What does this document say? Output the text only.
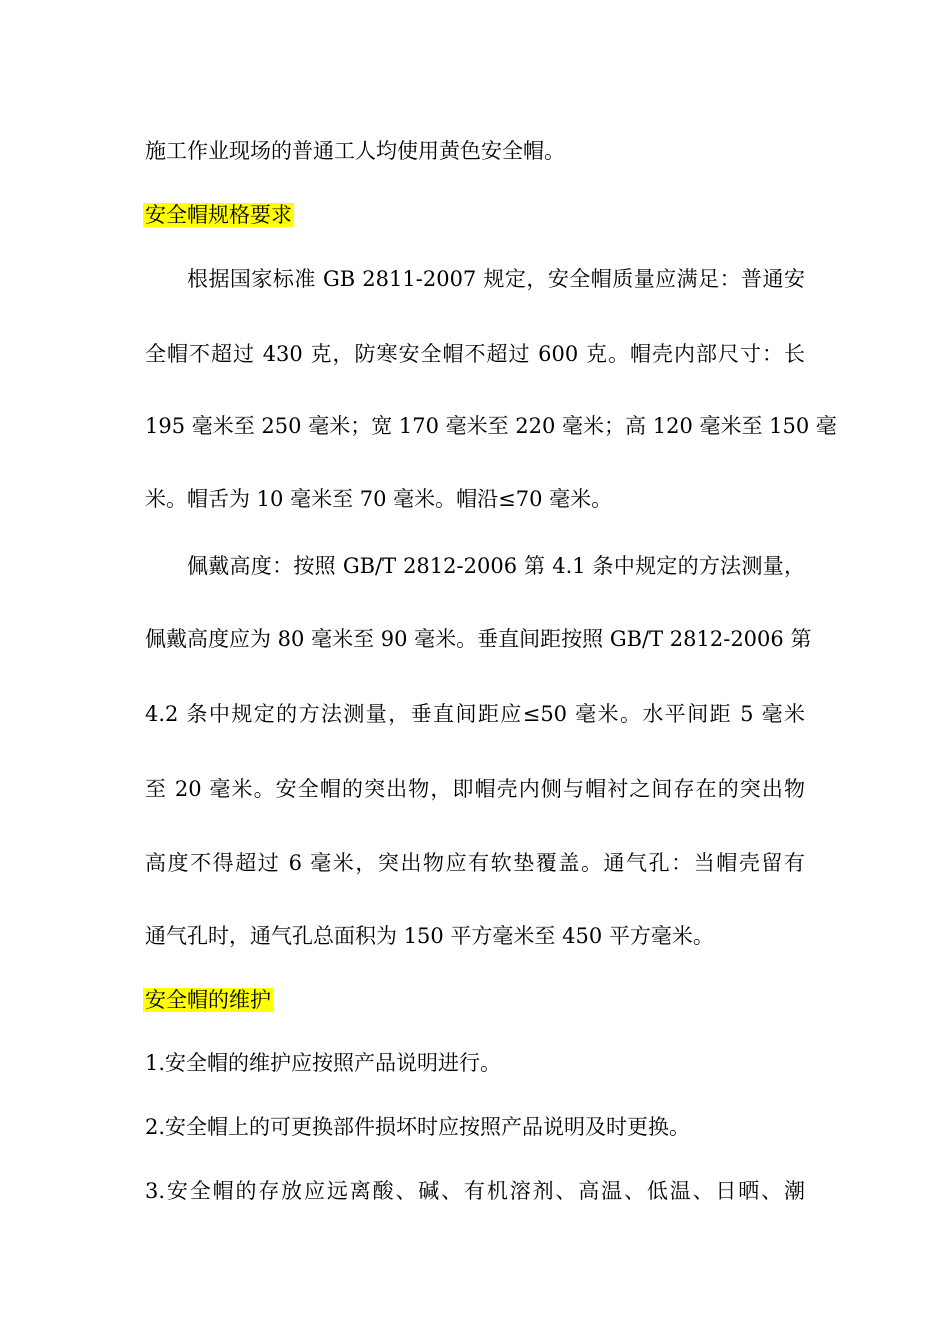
施工作业现场的普通工人均使用黄色安全帽。

安全帽规格要求

根据国家标准 GB 2811-2007 规定，安全帽质量应满足：普通安

全帽不超过 430 克，防寒安全帽不超过 600 克。帽壳内部尺寸：长

195 毫米至 250 毫米；宽 170 毫米至 220 毫米；高 120 毫米至 150 毫

米。帽舌为 10 毫米至 70 毫米。帽沿≤70 毫米。

佩戴高度：按照 GB/T 2812-2006 第 4.1 条中规定的方法测量，

佩戴高度应为 80 毫米至 90 毫米。垂直间距按照 GB/T 2812-2006 第

4.2 条中规定的方法测量，垂直间距应≤50 毫米。水平间距 5 毫米

至 20 毫米。安全帽的突出物，即帽壳内侧与帽衬之间存在的突出物

高度不得超过 6 毫米，突出物应有软垫覆盖。通气孔：当帽壳留有

通气孔时，通气孔总面积为 150 平方毫米至 450 平方毫米。

安全帽的维护

1.安全帽的维护应按照产品说明进行。

2.安全帽上的可更换部件损坏时应按照产品说明及时更换。

3.安全帽的存放应远离酸、碱、有机溶剂、高温、低温、日晒、潮
